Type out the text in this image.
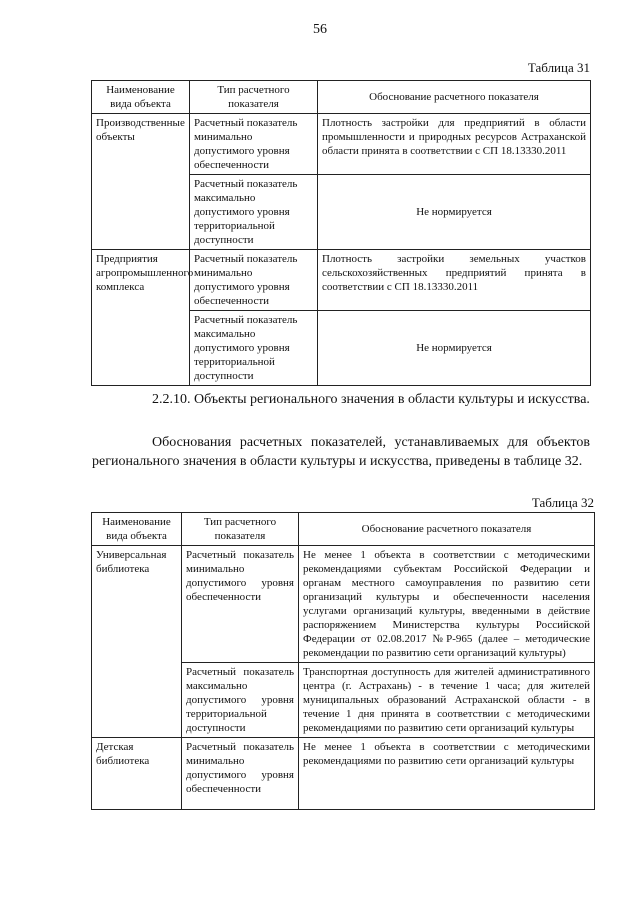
56
Таблица 31
Наименование вида объекта	Тип расчетного показателя	Обоснование расчетного показателя
Производственные объекты	Расчетный показатель минимально допустимого уровня обеспеченности	Плотность застройки для предприятий в области промышленности и природных ресурсов Астраханской области принята в соответствии с СП 18.13330.2011
	Расчетный показатель максимально допустимого уровня территориальной доступности	Не нормируется
Предприятия агропромышленного комплекса	Расчетный показатель минимально допустимого уровня обеспеченности	Плотность застройки земельных участков сельскохозяйственных предприятий принята в соответствии с СП 18.13330.2011
	Расчетный показатель максимально допустимого уровня территориальной доступности	Не нормируется
2.2.10. Объекты регионального значения в области культуры и искусства.
Обоснования расчетных показателей, устанавливаемых для объектов регионального значения в области культуры и искусства, приведены в таблице 32.
Таблица 32
Наименование вида объекта	Тип расчетного показателя	Обоснование расчетного показателя
Универсальная библиотека	Расчетный показатель минимально допустимого уровня обеспеченности	Не менее 1 объекта в соответствии с методическими рекомендациями субъектам Российской Федерации и органам местного самоуправления по развитию сети организаций культуры и обеспеченности населения услугами организаций культуры, введенными в действие распоряжением Министерства культуры Российской Федерации от 02.08.2017 №Р-965 (далее – методические рекомендации по развитию сети организаций культуры)
	Расчетный показатель максимально допустимого уровня территориальной доступности	Транспортная доступность для жителей административного центра (г. Астрахань) - в течение 1 часа; для жителей муниципальных образований Астраханской области - в течение 1 дня принята в соответствии с методическими рекомендациями по развитию сети организаций культуры
Детская библиотека	Расчетный показатель минимально допустимого уровня обеспеченности	Не менее 1 объекта в соответствии с методическими рекомендациями по развитию сети организаций культуры
